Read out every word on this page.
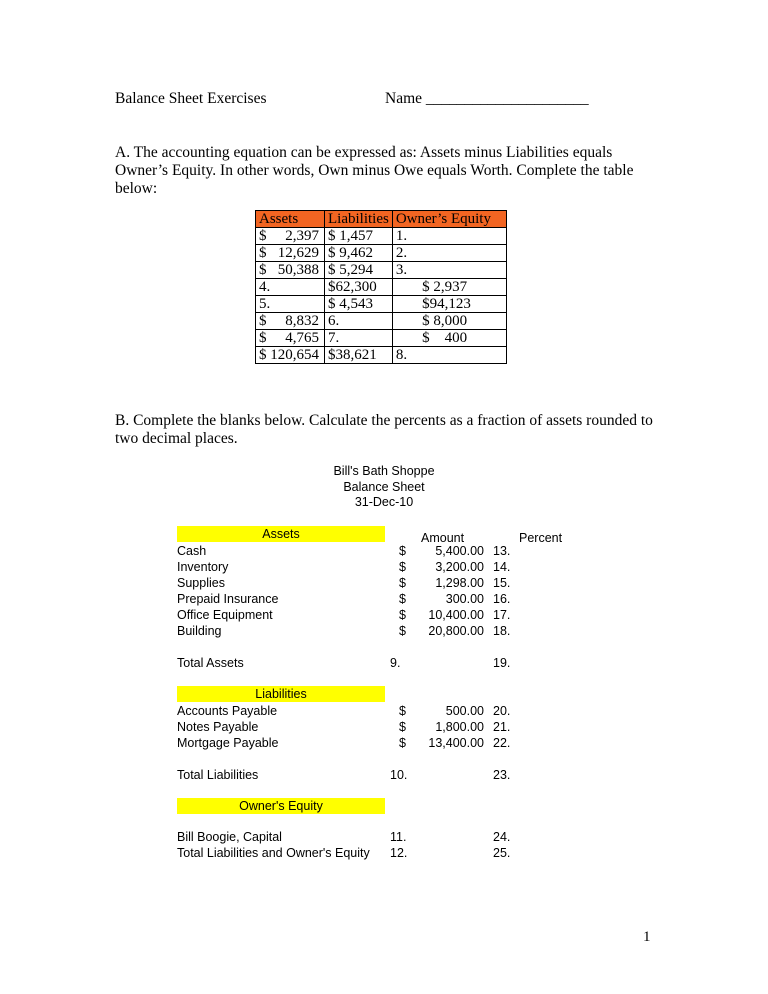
Balance Sheet Exercises	Name _____________________
A. The accounting equation can be expressed as: Assets minus Liabilities equals
Owner’s Equity. In other words, Own minus Owe equals Worth. Complete the table
below:
Assets	Liabilities	Owner’s Equity
$     2,397	$ 1,457	1.
$   12,629	$ 9,462	2.
$   50,388	$ 5,294	3.
4.	$62,300	$ 2,937
5.	$ 4,543	$94,123
$     8,832	6.	$ 8,000
$     4,765	7.	$    400
$ 120,654	$38,621	8.
B. Complete the blanks below. Calculate the percents as a fraction of assets rounded to
two decimal places.
Bill's Bath Shoppe
Balance Sheet
31-Dec-10
Amount	Percent
Assets
Cash	$	5,400.00 13.
Inventory	$	3,200.00 14.
Supplies	$	1,298.00 15.
Prepaid Insurance	$	300.00 16.
Office Equipment	$	10,400.00 17.
Building	$	20,800.00 18.
Total Assets	9.	19.
Liabilities
Accounts Payable	$	500.00 20.
Notes Payable	$	1,800.00 21.
Mortgage Payable	$	13,400.00 22.
Total Liabilities	10.	23.
Owner's Equity
Bill Boogie, Capital	11.	24.
Total Liabilities and Owner's Equity 12.	25.
1
